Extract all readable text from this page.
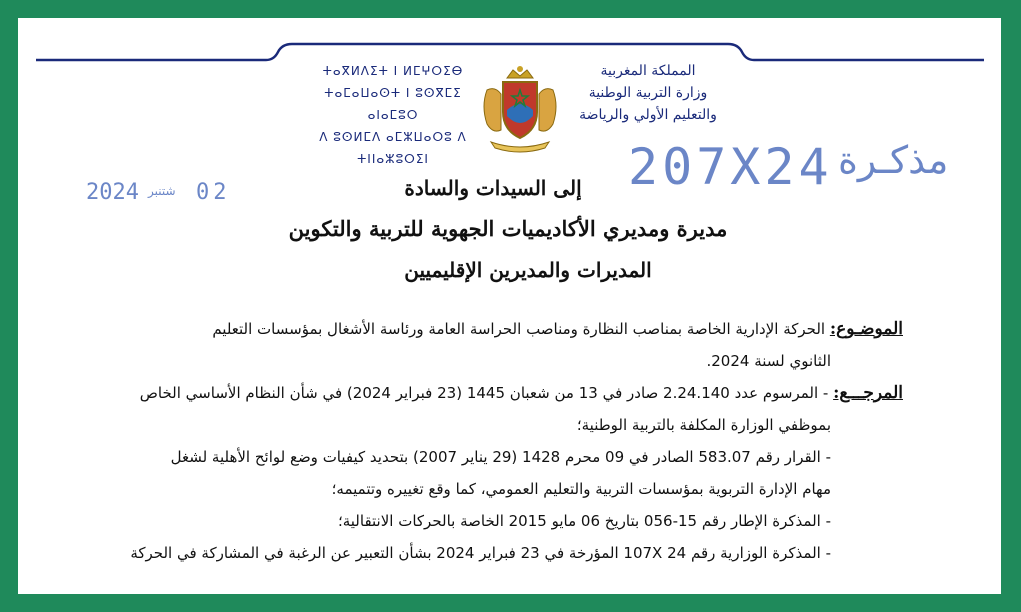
المملكة المغربية
وزارة التربية الوطنية
والتعليم الأولي والرياضة
ⵜⴰⴳⵍⴷⵉⵜ ⵏ ⵍⵎⵖⵔⵉⴱ
ⵜⴰⵎⴰⵡⴰⵙⵜ ⵏ ⵓⵙⴳⵎⵉ ⴰⵏⴰⵎⵓⵔ
ⴷ ⵓⵙⵍⵎⴷ ⴰⵎⵣⵡⴰⵔⵓ ⴷ ⵜⵏⵏⴰⵣⵓⵔⵉⵏ	207X24 مذكـرة
2024 شتنبر 02	إلى السيدات والسادة
مديرة ومديري الأكاديميات الجهوية للتربية والتكوين
المديرات والمديرين الإقليميين

الموضـوع: الحركة الإدارية الخاصة بمناصب النظارة ومناصب الحراسة العامة ورئاسة الأشغال بمؤسسات التعليم

الثانوي لسنة 2024.

المرجـــع: - المرسوم عدد 2.24.140 صادر في 13 من شعبان 1445 (23 فبراير 2024) في شأن النظام الأساسي الخاص

بموظفي الوزارة المكلفة بالتربية الوطنية؛

- القرار رقم 583.07 الصادر في 09 محرم 1428 (29 يناير 2007) بتحديد كيفيات وضع لوائح الأهلية لشغل

مهام الإدارة التربوية بمؤسسات التربية والتعليم العمومي، كما وقع تغييره وتتميمه؛

- المذكرة الإطار رقم 15-056 بتاريخ 06 مايو 2015 الخاصة بالحركات الانتقالية؛

- المذكرة الوزارية رقم 24 107X المؤرخة في 23 فبراير 2024 بشأن التعبير عن الرغبة في المشاركة في الحركة
